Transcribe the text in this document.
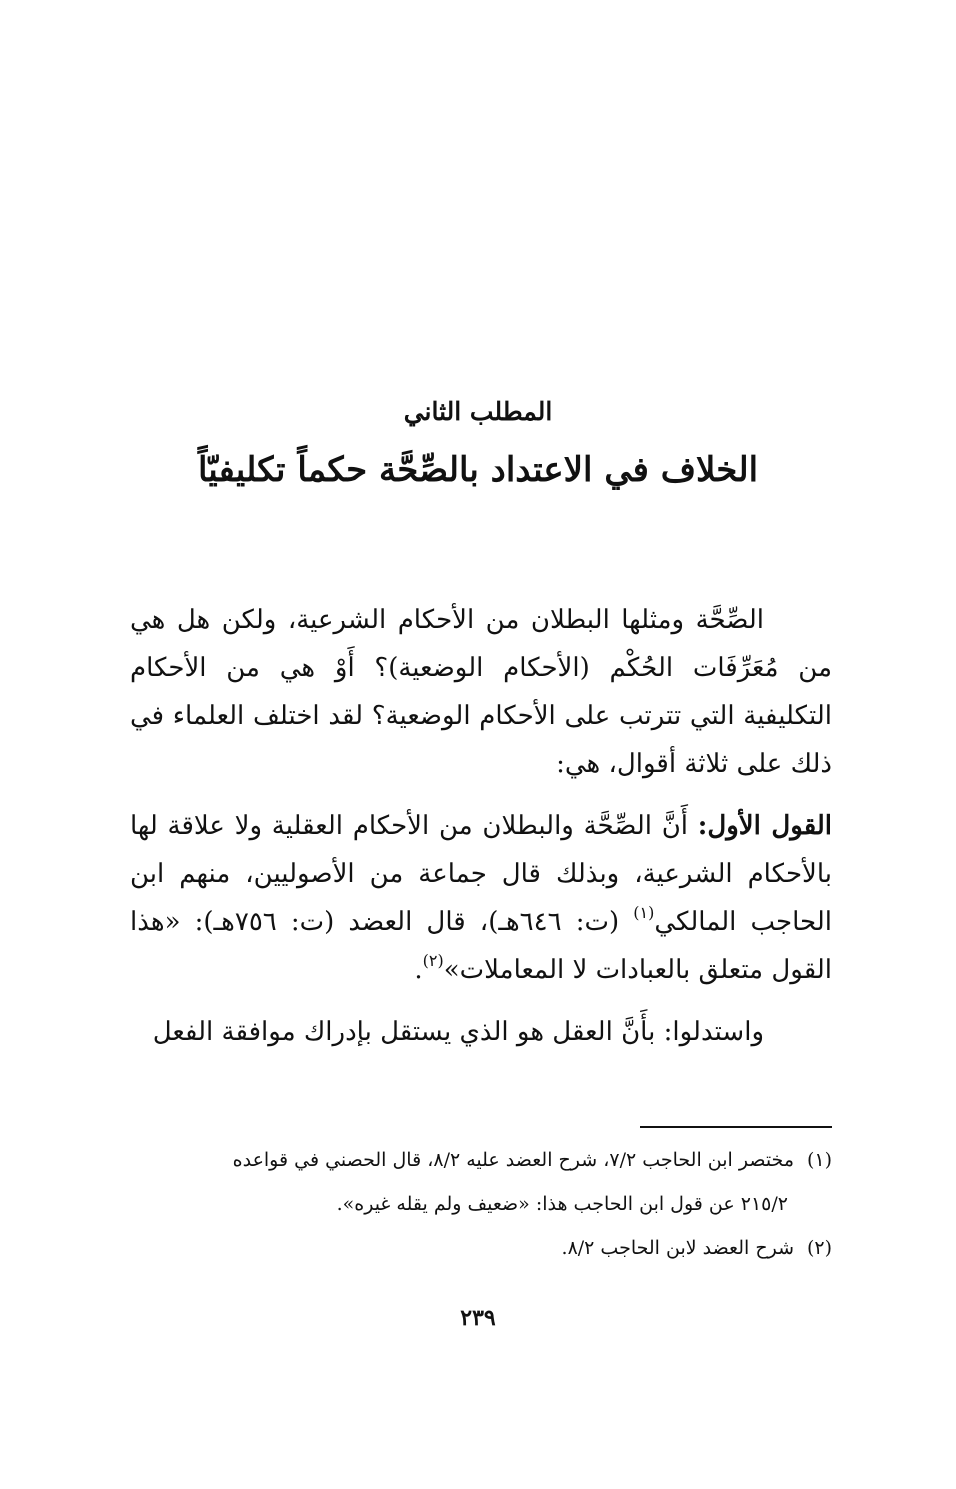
المطلب الثاني
الخلاف في الاعتداد بالصِّحَّة حكماً تكليفيّاً

الصِّحَّة ومثلها البطلان من الأحكام الشرعية، ولكن هل هي من مُعَرِّفَات الحُكْم (الأحكام الوضعية)؟ أَوْ هي من الأحكام التكليفية التي تترتب على الأحكام الوضعية؟ لقد اختلف العلماء في ذلك على ثلاثة أقوال، هي:

القول الأول: أَنَّ الصِّحَّة والبطلان من الأحكام العقلية ولا علاقة لها بالأحكام الشرعية، وبذلك قال جماعة من الأصوليين، منهم ابن الحاجب المالكي$^{(١)}$ (ت: ٦٤٦هـ)، قال العضد (ت: ٧٥٦هـ): «هذا القول متعلق بالعبادات لا المعاملات»$^{(٢)}$.

واستدلوا: بأَنَّ العقل هو الذي يستقل بإدراك موافقة الفعل

(١)مختصر ابن الحاجب ٧/٢، شرح العضد عليه ٨/٢، قال الحصني في قواعده

٢١٥/٢ عن قول ابن الحاجب هذا: «ضعيف ولم يقله غيره».

(٢)شرح العضد لابن الحاجب ٨/٢.

٢٣٩
